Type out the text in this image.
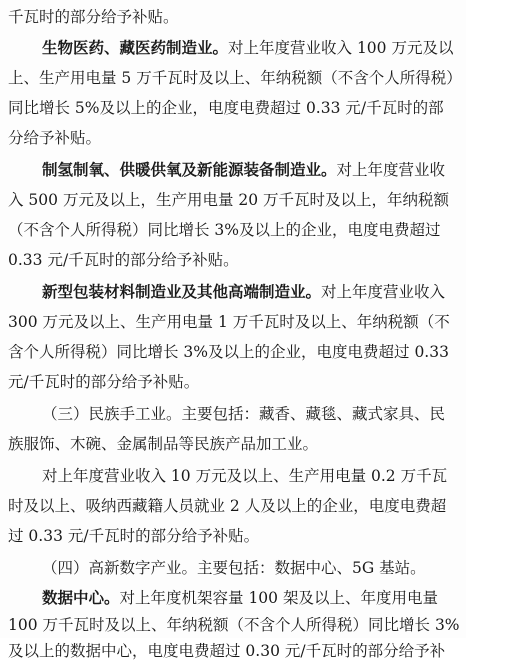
千瓦时的部分给予补贴。
生物医药、藏医药制造业。对上年度营业收入 100 万元及以
上、生产用电量 5 万千瓦时及以上、年纳税额（不含个人所得税）
同比增长 5%及以上的企业，电度电费超过 0.33 元/千瓦时的部
分给予补贴。
制氢制氧、供暖供氧及新能源装备制造业。对上年度营业收
入 500 万元及以上，生产用电量 20 万千瓦时及以上，年纳税额
（不含个人所得税）同比增长 3%及以上的企业，电度电费超过
0.33 元/千瓦时的部分给予补贴。
新型包装材料制造业及其他高端制造业。对上年度营业收入
300 万元及以上、生产用电量 1 万千瓦时及以上、年纳税额（不
含个人所得税）同比增长 3%及以上的企业，电度电费超过 0.33
元/千瓦时的部分给予补贴。
（三）民族手工业。主要包括：藏香、藏毯、藏式家具、民
族服饰、木碗、金属制品等民族产品加工业。
对上年度营业收入 10 万元及以上、生产用电量 0.2 万千瓦
时及以上、吸纳西藏籍人员就业 2 人及以上的企业，电度电费超
过 0.33 元/千瓦时的部分给予补贴。
（四）高新数字产业。主要包括：数据中心、5G 基站。
数据中心。对上年度机架容量 100 架及以上、年度用电量
100 万千瓦时及以上、年纳税额（不含个人所得税）同比增长 3%
及以上的数据中心，电度电费超过 0.30 元/千瓦时的部分给予补
